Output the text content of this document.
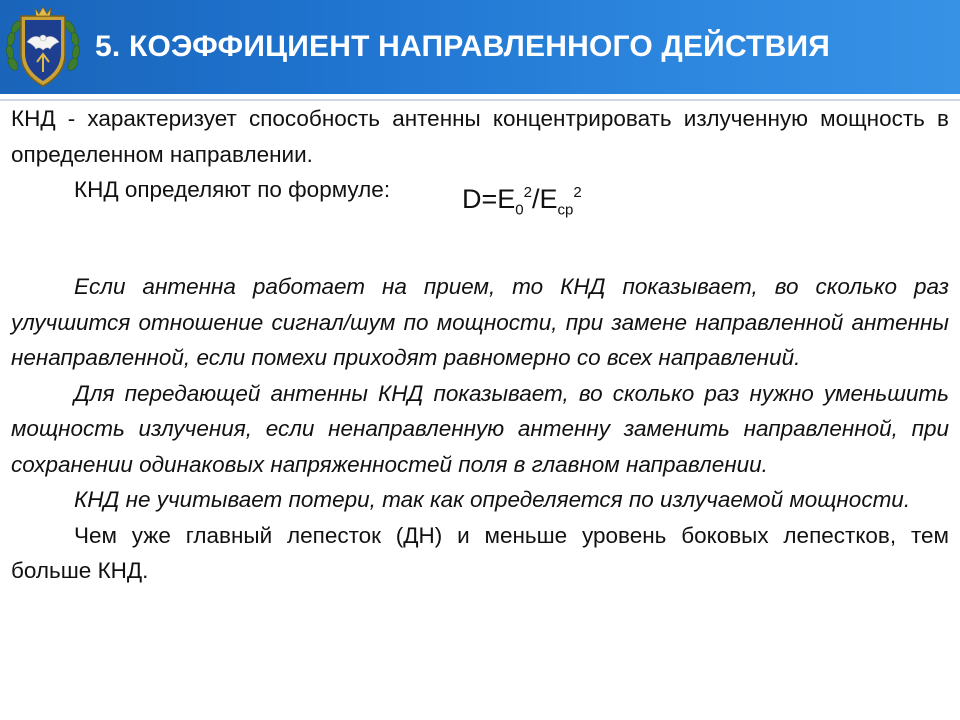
5. КОЭФФИЦИЕНТ НАПРАВЛЕННОГО ДЕЙСТВИЯ

КНД - характеризует способность антенны концентрировать излученную мощность в определенном направлении.

КНД определяют по формуле:	$D=E_0^2/E_{ср}^2$

Если антенна работает на прием, то КНД показывает, во сколько раз улучшится отношение сигнал/шум по мощности, при замене направленной антенны ненаправленной, если помехи приходят равномерно со всех направлений.

Для передающей антенны КНД показывает, во сколько раз нужно уменьшить мощность излучения, если ненаправленную антенну заменить направленной, при сохранении одинаковых напряженностей поля в главном направлении.

КНД не учитывает потери, так как определяется по излучаемой мощности.

Чем уже главный лепесток (ДН) и меньше уровень боковых лепестков, тем больше КНД.
